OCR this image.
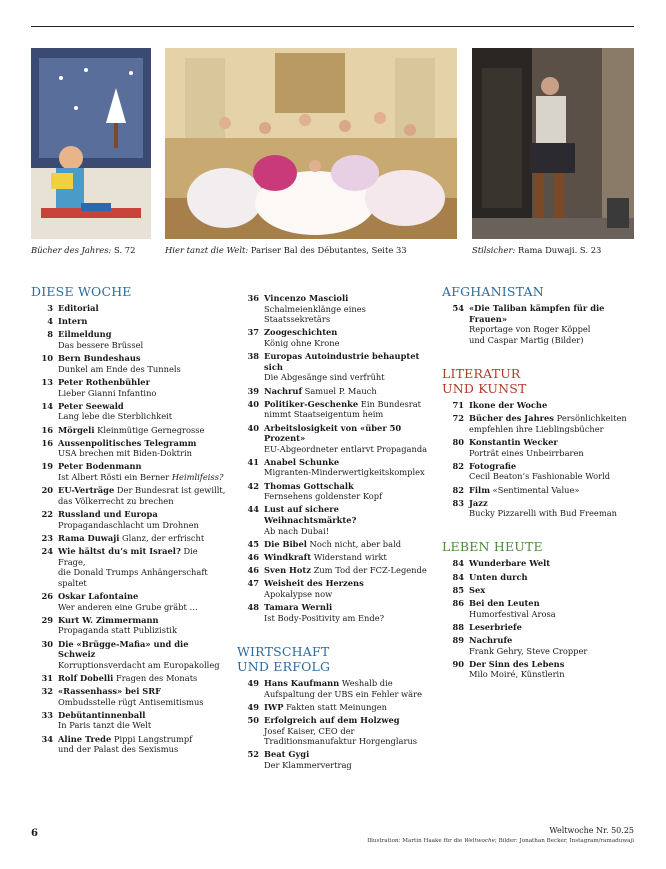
Bücher des Jahres: S. 72	Hier tanzt die Welt: Pariser Bal des Débutantes, Seite 33	Stilsicher: Rama Duwaji. S. 23
DIESE WOCHE
3 Editorial
4 Intern
8 Eilmeldung
Das bessere Brüssel
10 Bern Bundeshaus
Dunkel am Ende des Tunnels
13 Peter Rothenbühler
Lieber Gianni Infantino
14 Peter Seewald
Lang lebe die Sterblichkeit
16 Mörgeli Kleinmütige Gernegrosse
16 Aussenpolitisches Telegramm
USA brechen mit Biden-Doktrin
19 Peter Bodenmann
Ist Albert Rösti ein Berner Heimlifeiss?
20 EU-Verträge Der Bundesrat ist gewillt,
das Völkerrecht zu brechen
22 Russland und Europa
Propagandaschlacht um Drohnen
23 Rama Duwaji Glanz, der erfrischt
24 Wie hältst du’s mit Israel? Die Frage,
die Donald Trumps Anhängerschaft spaltet
26 Oskar Lafontaine
Wer anderen eine Grube gräbt …
29 Kurt W. Zimmermann
Propaganda statt Publizistik
30 Die «Brügge-Mafia» und die Schweiz
Korruptionsverdacht am Europakolleg
31 Rolf Dobelli Fragen des Monats
32 «Rassenhass» bei SRF
Ombudsstelle rügt Antisemitismus
33 Debütantinnenball
In Paris tanzt die Welt
34 Aline Trede Pippi Langstrumpf
und der Palast des Sexismus
36 Vincenzo Mascioli
Schalmeienklänge eines Staatssekretärs
37 Zoogeschichten
König ohne Krone
38 Europas Autoindustrie behauptet sich
Die Abgesänge sind verfrüht
39 Nachruf Samuel P. Mauch
40 Politiker-Geschenke Ein Bundesrat
nimmt Staatseigentum heim
40 Arbeitslosigkeit von «über 50 Prozent»
EU-Abgeordneter entlarvt Propaganda
41 Anabel Schunke
Migranten-Minderwertigkeitskomplex
42 Thomas Gottschalk
Fernsehens goldenster Kopf
44 Lust auf sichere Weihnachtsmärkte?
Ab nach Dubai!
45 Die Bibel Noch nicht, aber bald
46 Windkraft Widerstand wirkt
46 Sven Hotz Zum Tod der FCZ-Legende
47 Weisheit des Herzens
Apokalypse now
48 Tamara Wernli
Ist Body-Positivity am Ende?
WIRTSCHAFT
UND ERFOLG
49 Hans Kaufmann Weshalb die
Aufspaltung der UBS ein Fehler wäre
49 IWP Fakten statt Meinungen
50 Erfolgreich auf dem Holzweg
Josef Kaiser, CEO der
Traditionsmanufaktur Horgenglarus
52 Beat Gygi
Der Klammervertrag
AFGHANISTAN
54 «Die Taliban kämpfen für die Frauen»
Reportage von Roger Köppel
und Caspar Martig (Bilder)
LITERATUR
UND KUNST
71 Ikone der Woche
72 Bücher des Jahres Persönlichkeiten
empfehlen ihre Lieblingsbücher
80 Konstantin Wecker
Porträt eines Unbeirrbaren
82 Fotografie
Cecil Beaton’s Fashionable World
82 Film «Sentimental Value»
83 Jazz
Bucky Pizzarelli with Bud Freeman
LEBEN HEUTE
84 Wunderbare Welt
84 Unten durch
85 Sex
86 Bei den Leuten
Humorfestival Arosa
88 Leserbriefe
89 Nachrufe
Frank Gehry, Steve Cropper
90 Der Sinn des Lebens
Milo Moiré, Künstlerin
6	Weltwoche Nr. 50.25
Illustration: Martin Haake für die Weltwoche; Bilder: Jonathan Becker, Instagram/ramaduwaji
